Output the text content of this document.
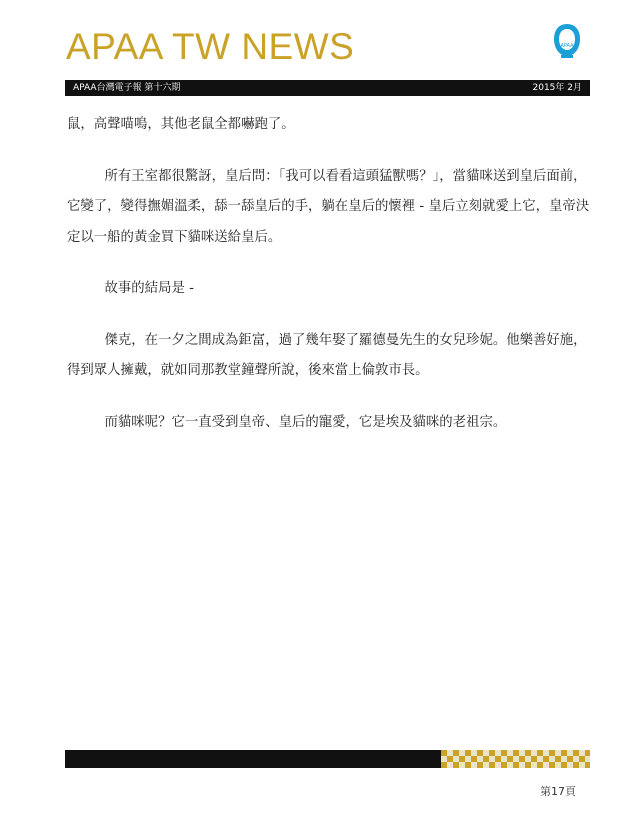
APAA TW NEWS	APAA
APAA台灣電子報 第十六期	2015年 2月

鼠，高聲喵嗚，其他老鼠全都嚇跑了。

所有王室都很驚訝，皇后問：「我可以看看這頭猛獸嗎？」，當貓咪送到皇后面前，它變了，變得撫媚溫柔，舔一舔皇后的手，躺在皇后的懷裡 - 皇后立刻就愛上它，皇帝決定以一船的黃金買下貓咪送給皇后。

故事的結局是 -

傑克，在一夕之間成為鉅富，過了幾年娶了羅德曼先生的女兒珍妮。他樂善好施，得到眾人擁戴，就如同那教堂鐘聲所說，後來當上倫敦市長。

而貓咪呢？它一直受到皇帝、皇后的寵愛，它是埃及貓咪的老祖宗。

第17頁
